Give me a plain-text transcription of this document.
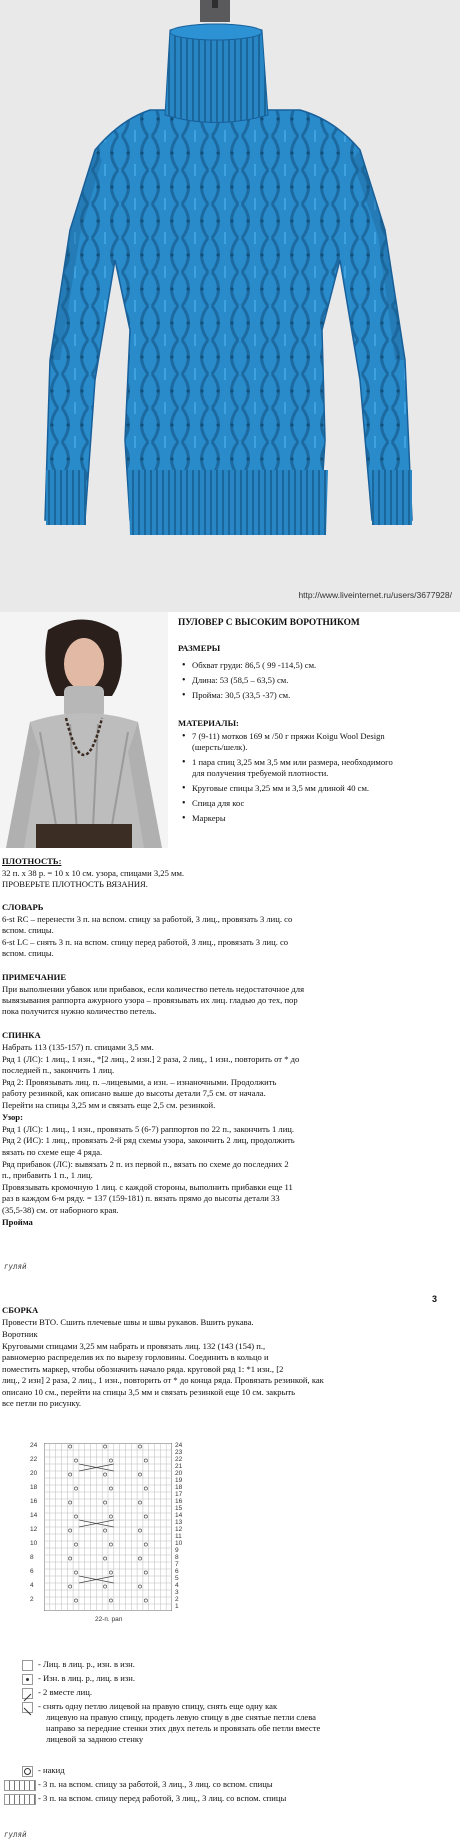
http://www.liveinternet.ru/users/3677928/
ПУЛОВЕР С ВЫСОКИМ ВОРОТНИКОМ
РАЗМЕРЫ
• Обхват груди: 86,5 ( 99 -114,5) см.
• Длина: 53 (58,5 – 63,5) см.
• Пройма: 30,5 (33,5 -37) см.
МАТЕРИАЛЫ:
• 7 (9-11) мотков 169 м /50 г пряжи Koigu Wool Design (шерсть/шелк).
• 1 пара спиц 3,25 мм 3,5 мм или размера, необходимого для получения требуемой плотности.
• Круговые спицы 3,25 мм и 3,5 мм длиной 40 см.
• Спица для кос
• Маркеры
ПЛОТНОСТЬ:
32 п. х 38 р. = 10 х 10 см. узора, спицами 3,25 мм.
ПРОВЕРЬТЕ ПЛОТНОСТЬ ВЯЗАНИЯ.
СЛОВАРЬ
6-st RC – перенести 3 п. на вспом. спицу за работой, 3 лиц., провязать 3 лиц. со
вспом. спицы.
6-st LC – снять 3 п. на вспом. спицу перед работой, 3 лиц., провязать 3 лиц. со
вспом. спицы.
ПРИМЕЧАНИЕ
При выполнении убавок или прибавок, если количество петель недостаточное для
вывязывания раппорта ажурного узора – провязывать их лиц. гладью до тех, пор
пока получится нужно количество петель.
СПИНКА
Набрать 113 (135-157) п. спицами 3,5 мм.
Ряд 1 (ЛС): 1 лиц., 1 изн., *[2 лиц., 2 изн.] 2 раза, 2 лиц., 1 изн., повторить от * до
последней п., закончить 1 лиц.
Ряд 2: Провязывать лиц. п. –лицевыми, а изн. – изнаночными. Продолжить
работу резинкой, как описано выше до высоты детали 7,5 см. от начала.
Перейти на спицы 3,25 мм и связать еще 2,5 см. резинкой.
Узор:
Ряд 1 (ЛС): 1 лиц., 1 изн., провязать 5 (6-7) раппортов по 22 п., закончить 1 лиц.
Ряд 2 (ИС): 1 лиц., провязать 2-й ряд схемы узора, закончить 2 лиц, продолжить
вязать по схеме еще 4 ряда.
Ряд прибавок (ЛС): вывязать 2 п. из первой п., вязать по схеме до последних 2
п., прибавить 1 п., 1 лиц.
Провязывать кромочную 1 лиц. с каждой стороны, выполнить прибавки еще 11
раз в каждом 6-м ряду. = 137 (159-181) п. вязать прямо до высоты детали 33
(35,5-38) см. от наборного края.
Пройма
гуляй
3
СБОРКА
Провести ВТО. Сшить плечевые швы и швы рукавов. Вшить рукава.
Воротник
Круговыми спицами 3,25 мм набрать и провязать лиц. 132 (143 (154) п.,
равномерно распределив их по вырезу горловины. Соединить в кольцо и
поместить маркер, чтобы обозначить начало ряда. круговой ряд 1: *1 изн., [2
лиц., 2 изн] 2 раза, 2 лиц., 1 изн., повторить от * до конца ряда. Провязать резинкой, как
описано 10 см., перейти на спицы 3,5 мм и связать резинкой еще 10 см. закрыть
все петли по рисунку.
22-п. рап
- Лиц. в лиц. р., изн. в изн.
- Изн. в лиц. р., лиц. в изн.
- 2 вместе лиц.
- снять одну петлю лицевой на правую спицу, снять еще одну как
лицевую на правую спицу, продеть левую спицу в две снятые петли слева
направо за передние стенки этих двух петель и провязать обе петли вместе
лицевой за заднюю стенку
- накид
- 3 п. на вспом. спицу за работой, 3 лиц., 3 лиц. со вспом. спицы
- 3 п. на вспом. спицу перед работой, 3 лиц., 3 лиц. со вспом. спицы
гуляй
24
23
22
21
20
19
18
17
16
15
14
13
12
11
10
9
8
7
6
5
4
3
2
1
24
22
20
18
16
14
12
10
8
6
4
2
